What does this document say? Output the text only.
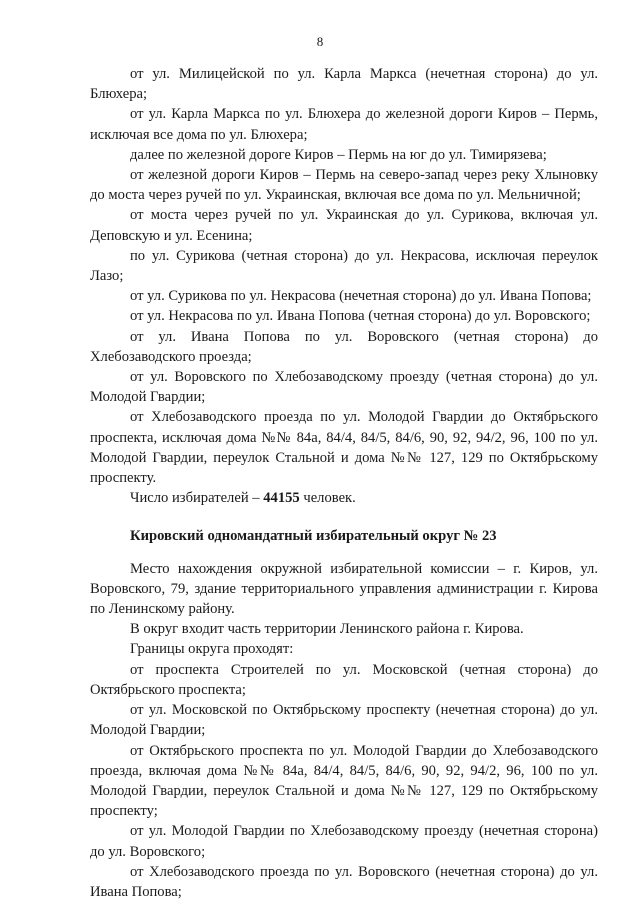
8

от ул. Милицейской по ул. Карла Маркса (нечетная сторона) до ул. Блюхера;

от ул. Карла Маркса по ул. Блюхера до железной дороги Киров – Пермь, исключая все дома по ул. Блюхера;

далее по железной дороге Киров – Пермь на юг до ул. Тимирязева;

от железной дороги Киров – Пермь на северо-запад через реку Хлыновку до моста через ручей по ул. Украинская, включая все дома по ул. Мельничной;

от моста через ручей по ул. Украинская до ул. Сурикова, включая ул. Деповскую и ул. Есенина;

по ул. Сурикова (четная сторона) до ул. Некрасова, исключая переулок Лазо;

от ул. Сурикова по ул. Некрасова (нечетная сторона) до ул. Ивана Попова;

от ул. Некрасова по ул. Ивана Попова (четная сторона) до ул. Воровского;

от ул. Ивана Попова по ул. Воровского (четная сторона) до Хлебозаводского проезда;

от ул. Воровского по Хлебозаводскому проезду (четная сторона) до ул. Молодой Гвардии;

от Хлебозаводского проезда по ул. Молодой Гвардии до Октябрьского проспекта, исключая дома №№ 84а, 84/4, 84/5, 84/6, 90, 92, 94/2, 96, 100 по ул. Молодой Гвардии, переулок Стальной и дома №№ 127, 129 по Октябрьскому проспекту.

Число избирателей – 44155 человек.

Кировский одномандатный избирательный округ № 23

Место нахождения окружной избирательной комиссии – г. Киров, ул. Воровского, 79, здание территориального управления администрации г. Кирова по Ленинскому району.

В округ входит часть территории Ленинского района г. Кирова.

Границы округа проходят:

от проспекта Строителей по ул. Московской (четная сторона) до Октябрьского проспекта;

от ул. Московской по Октябрьскому проспекту (нечетная сторона) до ул. Молодой Гвардии;

от Октябрьского проспекта по ул. Молодой Гвардии до Хлебозаводского проезда, включая дома №№ 84а, 84/4, 84/5, 84/6, 90, 92, 94/2, 96, 100 по ул. Молодой Гвардии, переулок Стальной и дома №№ 127, 129 по Октябрьскому проспекту;

от ул. Молодой Гвардии по Хлебозаводскому проезду (нечетная сторона) до ул. Воровского;

от Хлебозаводского проезда по ул. Воровского (нечетная сторона) до ул. Ивана Попова;
